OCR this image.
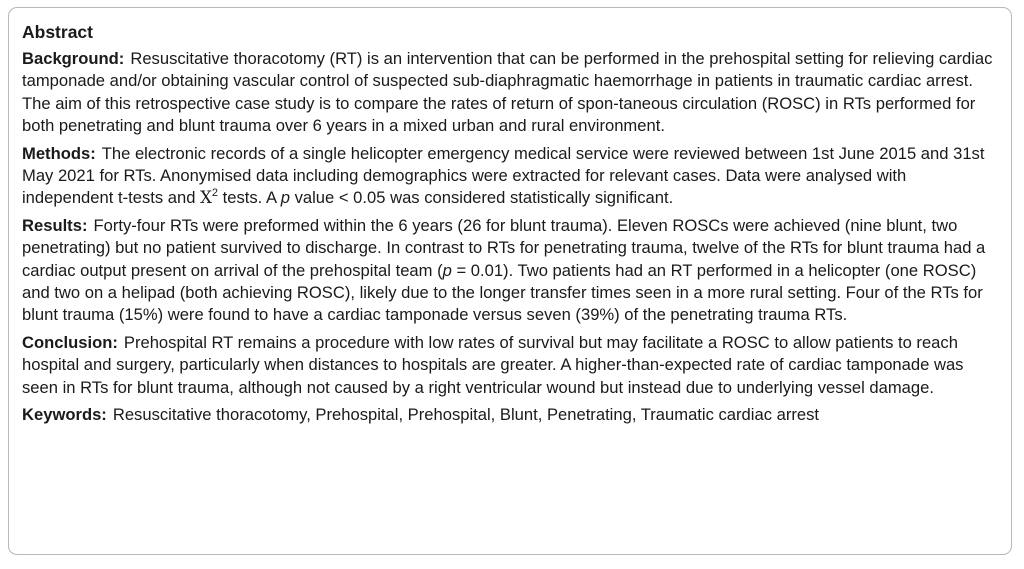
Abstract

Background: Resuscitative thoracotomy (RT) is an intervention that can be performed in the prehospital setting for relieving cardiac tamponade and/or obtaining vascular control of suspected sub-diaphragmatic haemorrhage in patients in traumatic cardiac arrest. The aim of this retrospective case study is to compare the rates of return of spon-taneous circulation (ROSC) in RTs performed for both penetrating and blunt trauma over 6 years in a mixed urban and rural environment.

Methods: The electronic records of a single helicopter emergency medical service were reviewed between 1st June 2015 and 31st May 2021 for RTs. Anonymised data including demographics were extracted for relevant cases. Data were analysed with independent t-tests and $X^2$ tests. A p value < 0.05 was considered statistically significant.

Results: Forty-four RTs were preformed within the 6 years (26 for blunt trauma). Eleven ROSCs were achieved (nine blunt, two penetrating) but no patient survived to discharge. In contrast to RTs for penetrating trauma, twelve of the RTs for blunt trauma had a cardiac output present on arrival of the prehospital team (p = 0.01). Two patients had an RT performed in a helicopter (one ROSC) and two on a helipad (both achieving ROSC), likely due to the longer transfer times seen in a more rural setting. Four of the RTs for blunt trauma (15%) were found to have a cardiac tamponade versus seven (39%) of the penetrating trauma RTs.

Conclusion: Prehospital RT remains a procedure with low rates of survival but may facilitate a ROSC to allow patients to reach hospital and surgery, particularly when distances to hospitals are greater. A higher-than-expected rate of cardiac tamponade was seen in RTs for blunt trauma, although not caused by a right ventricular wound but instead due to underlying vessel damage.

Keywords: Resuscitative thoracotomy, Prehospital, Prehospital, Blunt, Penetrating, Traumatic cardiac arrest
